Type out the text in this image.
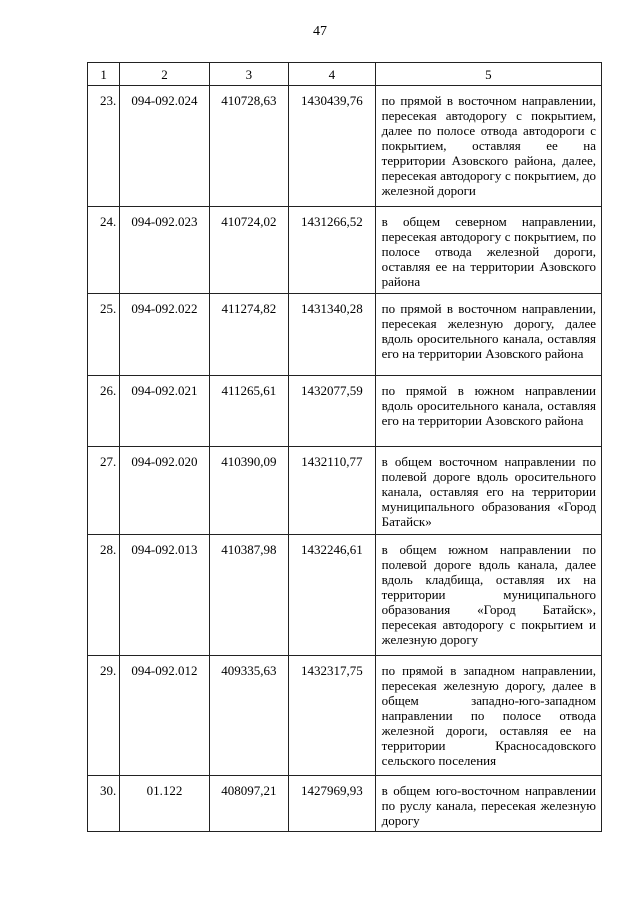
47
1	2	3	4	5
23.	094-092.024	410728,63	1430439,76	по прямой в восточном направлении, пересекая автодорогу с покрытием, далее по полосе отвода автодороги с покрытием, оставляя ее на территории Азовского района, далее, пересекая автодорогу с покрытием, до железной дороги
24.	094-092.023	410724,02	1431266,52	в общем северном направлении, пересекая автодорогу с покрытием, по полосе отвода железной дороги, оставляя ее на территории Азовского района
25.	094-092.022	411274,82	1431340,28	по прямой в восточном направлении, пересекая железную дорогу, далее вдоль оросительного канала, оставляя его на территории Азовского района
26.	094-092.021	411265,61	1432077,59	по прямой в южном направлении вдоль оросительного канала, оставляя его на территории Азовского района
27.	094-092.020	410390,09	1432110,77	в общем восточном направлении по полевой дороге вдоль оросительного канала, оставляя его на территории муниципального образования «Город Батайск»
28.	094-092.013	410387,98	1432246,61	в общем южном направлении по полевой дороге вдоль канала, далее вдоль кладбища, оставляя их на территории муниципального образования «Город Батайск», пересекая автодорогу с покрытием и железную дорогу
29.	094-092.012	409335,63	1432317,75	по прямой в западном направлении, пересекая железную дорогу, далее в общем западно-юго-западном направлении по полосе отвода железной дороги, оставляя ее на территории Красносадовского сельского поселения
30.	01.122	408097,21	1427969,93	в общем юго-восточном направлении по руслу канала, пересекая железную дорогу
